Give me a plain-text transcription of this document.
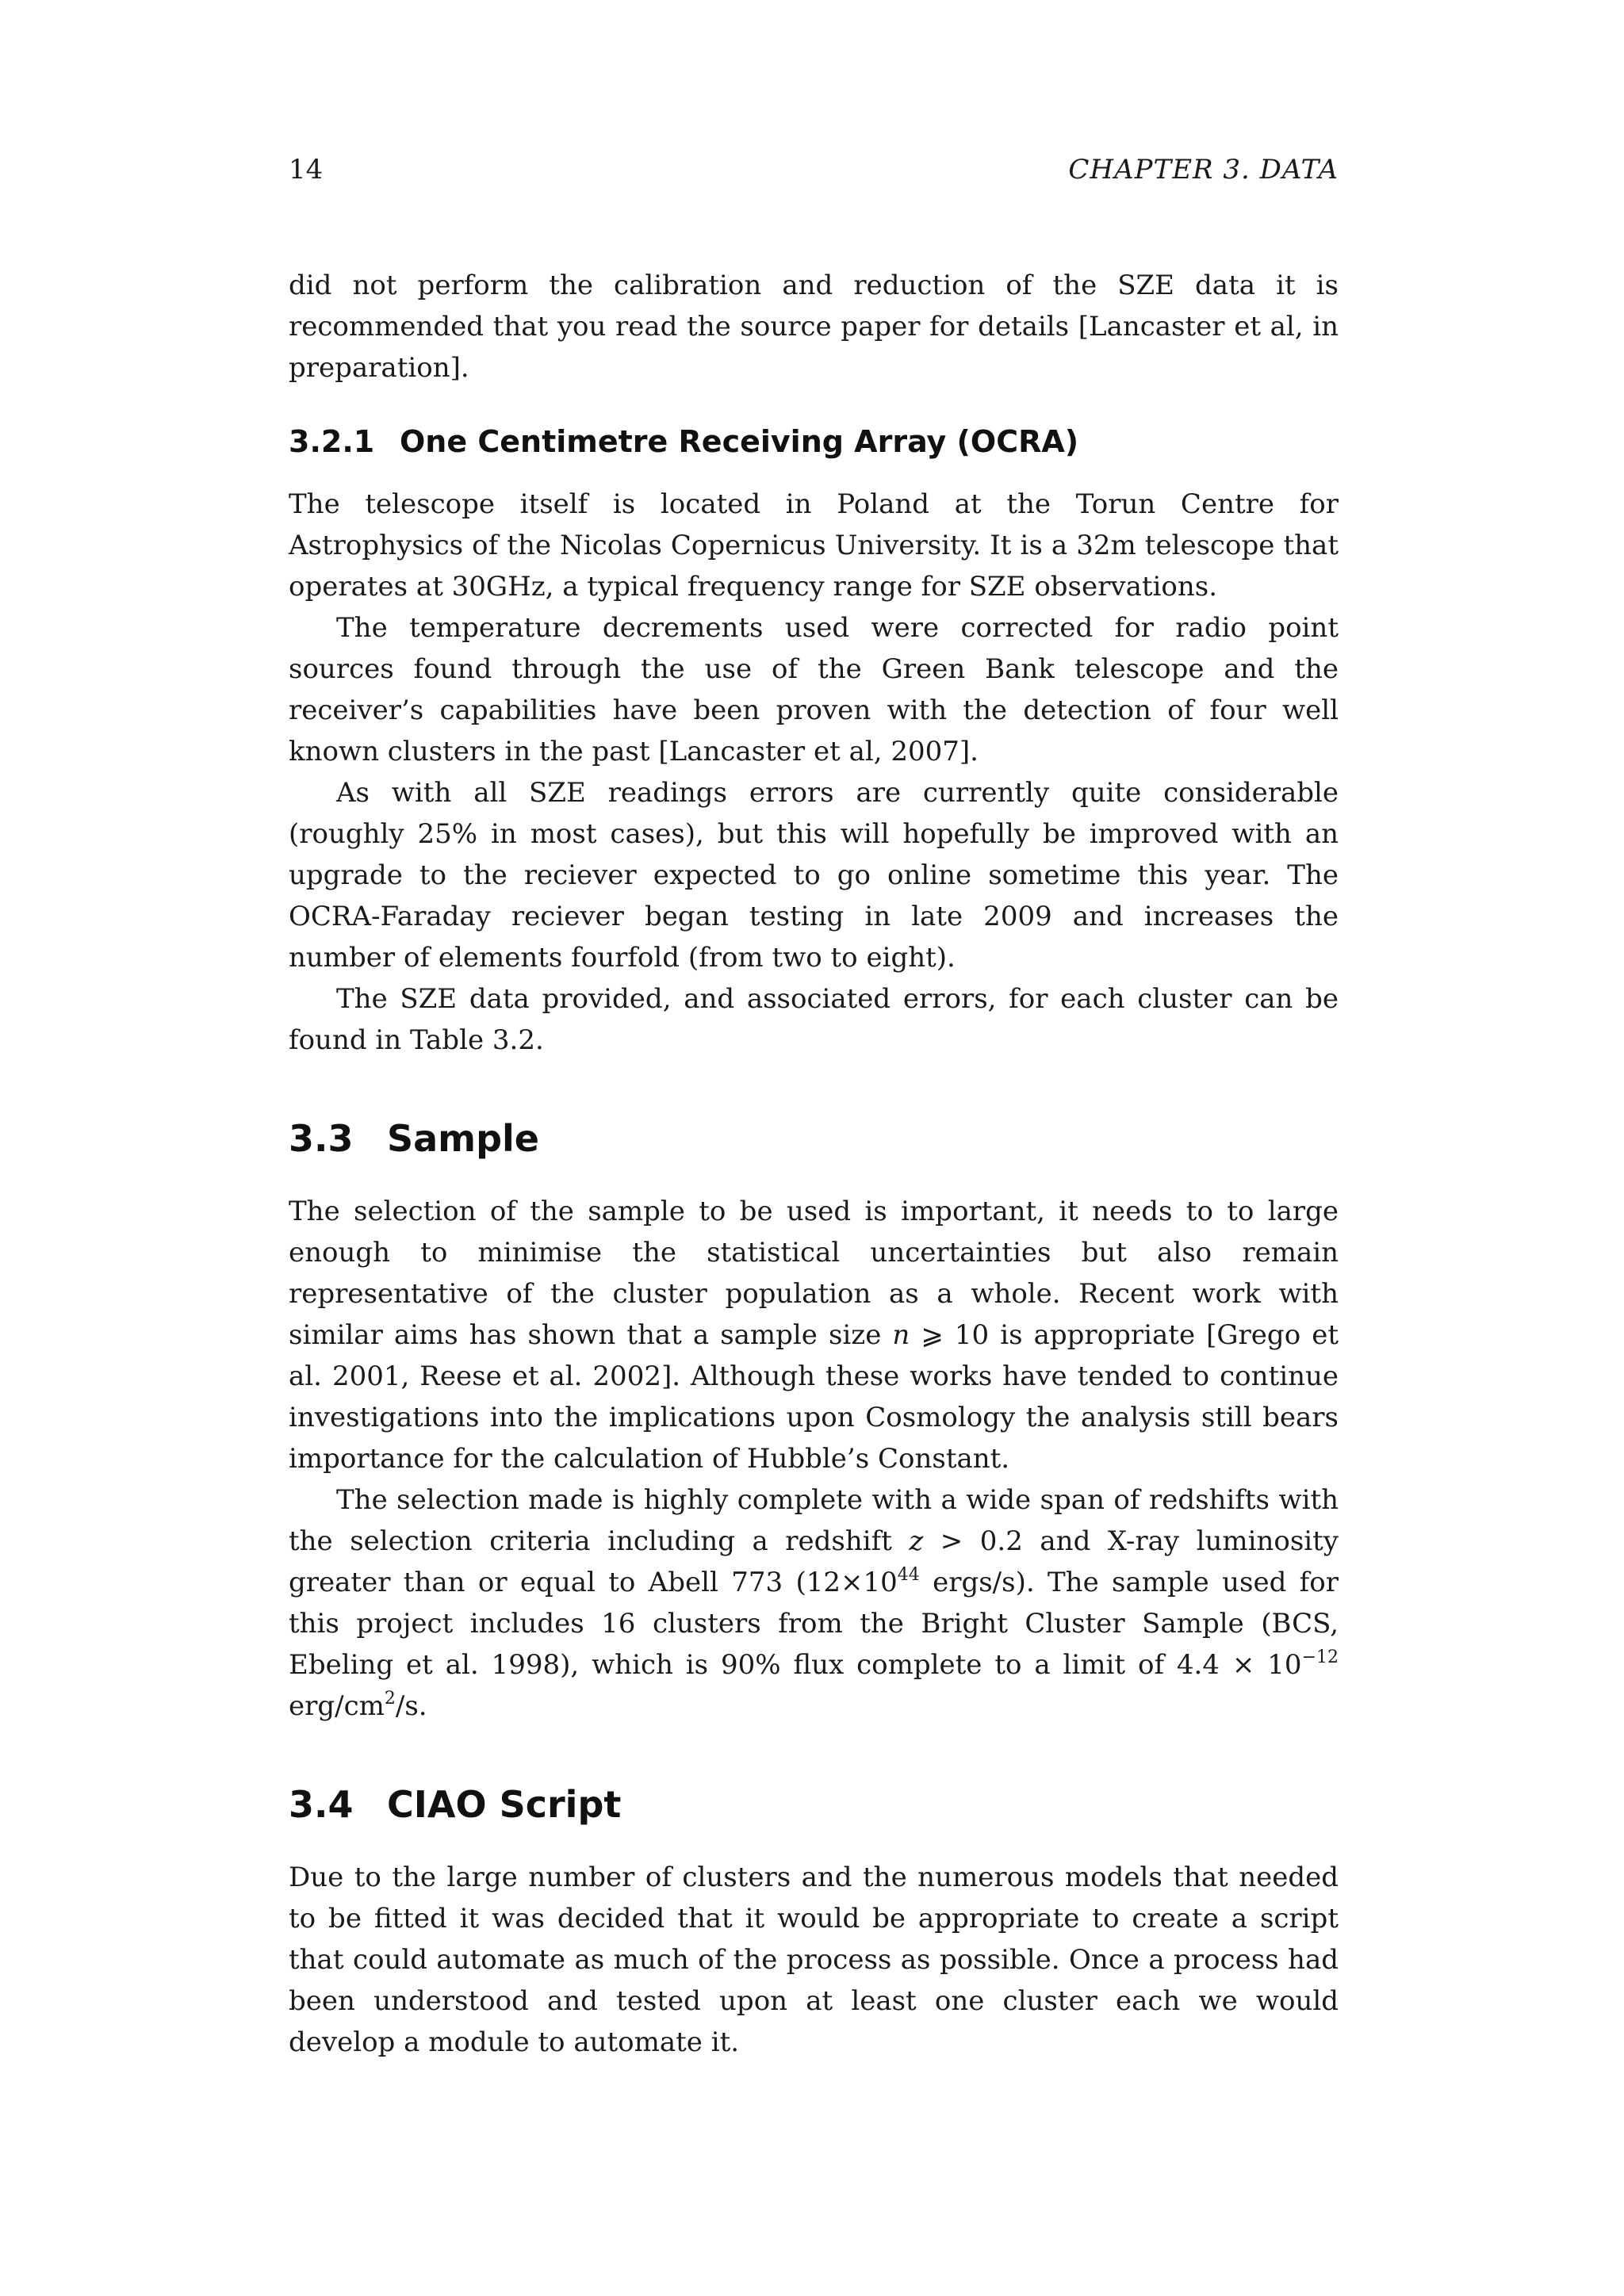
14	CHAPTER 3. DATA

did not perform the calibration and reduction of the SZE data it is recommended that you read the source paper for details [Lancaster et al, in preparation].

3.2.1 One Centimetre Receiving Array (OCRA)

The telescope itself is located in Poland at the Torun Centre for Astrophysics of the Nicolas Copernicus University. It is a 32m telescope that operates at 30GHz, a typical frequency range for SZE observations.

The temperature decrements used were corrected for radio point sources found through the use of the Green Bank telescope and the receiver’s capabilities have been proven with the detection of four well known clusters in the past [Lancaster et al, 2007].

As with all SZE readings errors are currently quite considerable (roughly 25% in most cases), but this will hopefully be improved with an upgrade to the reciever expected to go online sometime this year. The OCRA-Faraday reciever began testing in late 2009 and increases the number of elements fourfold (from two to eight).

The SZE data provided, and associated errors, for each cluster can be found in Table 3.2.

3.3 Sample

The selection of the sample to be used is important, it needs to to large enough to minimise the statistical uncertainties but also remain representative of the cluster population as a whole. Recent work with similar aims has shown that a sample size n ⩾ 10 is appropriate [Grego et al. 2001, Reese et al. 2002]. Although these works have tended to continue investigations into the implications upon Cosmology the analysis still bears importance for the calculation of Hubble’s Constant.

The selection made is highly complete with a wide span of redshifts with the selection criteria including a redshift z > 0.2 and X-ray luminosity greater than or equal to Abell 773 ($12\times 10^{44}$ ergs/s). The sample used for this project includes 16 clusters from the Bright Cluster Sample (BCS, Ebeling et al. 1998), which is 90% flux complete to a limit of $4.4 \times 10^{-12}$ erg/$cm^2/s$.

3.4 CIAO Script

Due to the large number of clusters and the numerous models that needed to be fitted it was decided that it would be appropriate to create a script that could automate as much of the process as possible. Once a process had been understood and tested upon at least one cluster each we would develop a module to automate it.
